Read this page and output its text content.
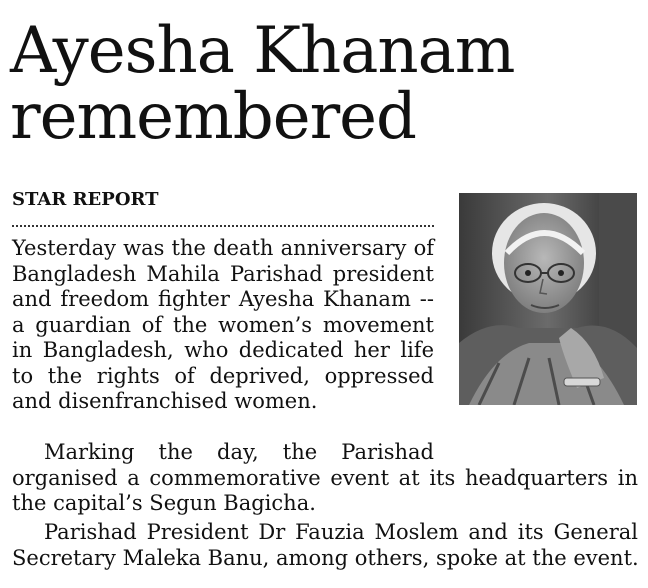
Ayesha Khanam
remembered
STAR REPORT
Yesterday was the death anniversary of
Bangladesh Mahila Parishad president
and freedom fighter Ayesha Khanam --
a guardian of the women’s movement
in Bangladesh, who dedicated her life
to the rights of deprived, oppressed
and disenfranchised women.
Marking the day, the Parishad
organised a commemorative event at its headquarters in
the capital’s Segun Bagicha.
Parishad President Dr Fauzia Moslem and its General
Secretary Maleka Banu, among others, spoke at the event.
